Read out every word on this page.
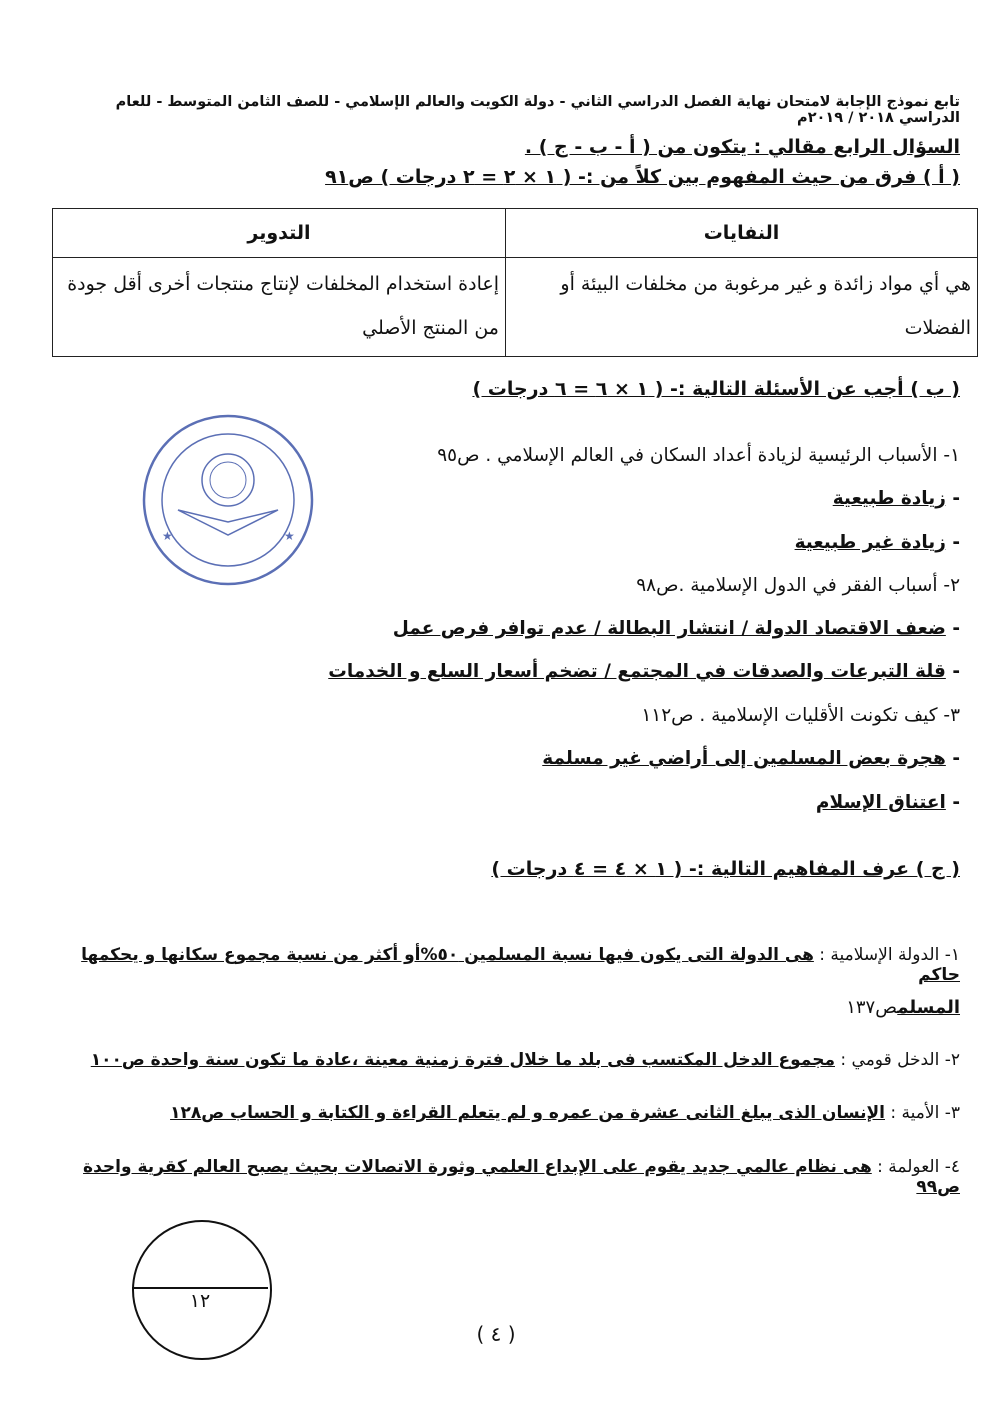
تابع نموذج الإجابة لامتحان نهاية الفصل الدراسي الثاني - دولة الكويت والعالم الإسلامي - للصف الثامن المتوسط - للعام الدراسي ٢٠١٨ / ٢٠١٩م
السؤال الرابع مقالي : يتكون من ( أ - ب - ج ) .
( أ ) فرق من حيث المفهوم بين كلاً من :- ( ١ × ٢ = ٢ درجات ) ص٩١
النفايات	التدوير
هي أي مواد زائدة و غير مرغوبة من مخلفات البيئة أو الفضلات	إعادة استخدام المخلفات لإنتاج منتجات أخرى أقل جودة من المنتج الأصلي
★	★
( ب ) أجب عن الأسئلة التالية :- ( ١ × ٦ = ٦ درجات )
١- الأسباب الرئيسية لزيادة أعداد السكان في العالم الإسلامي . ص٩٥
- زيادة طبيعية
- زيادة غير طبيعية
٢- أسباب الفقر في الدول الإسلامية .ص٩٨
- ضعف الاقتصاد الدولة / انتشار البطالة / عدم توافر فرص عمل
- قلة التبرعات والصدقات في المجتمع / تضخم أسعار السلع و الخدمات
٣- كيف تكونت الأقليات الإسلامية . ص١١٢
- هجرة بعض المسلمين إلى أراضي غير مسلمة
- اعتناق الإسلام
( ج ) عرف المفاهيم التالية :- ( ١ × ٤ = ٤ درجات )
١- الدولة الإسلامية : هى الدولة التى يكون فيها نسبة المسلمين ٥٠%أو أكثر من نسبة مجموع سكانها و يحكمها حاكم
المسلمص١٣٧
٢- الدخل قومي : مجموع الدخل المكتسب فى بلد ما خلال فترة زمنية معينة ،عادة ما تكون سنة واحدة ص١٠٠
٣- الأمية : الإنسان الذى يبلغ الثانى عشرة من عمره و لم يتعلم القراءة و الكتابة و الحساب ص١٢٨
٤- العولمة : هى نظام عالمي جديد يقوم على الإبداع العلمي وثورة الاتصالات بحيث يصبح العالم كقرية واحدة ص٩٩
١٢
( ٤ )
